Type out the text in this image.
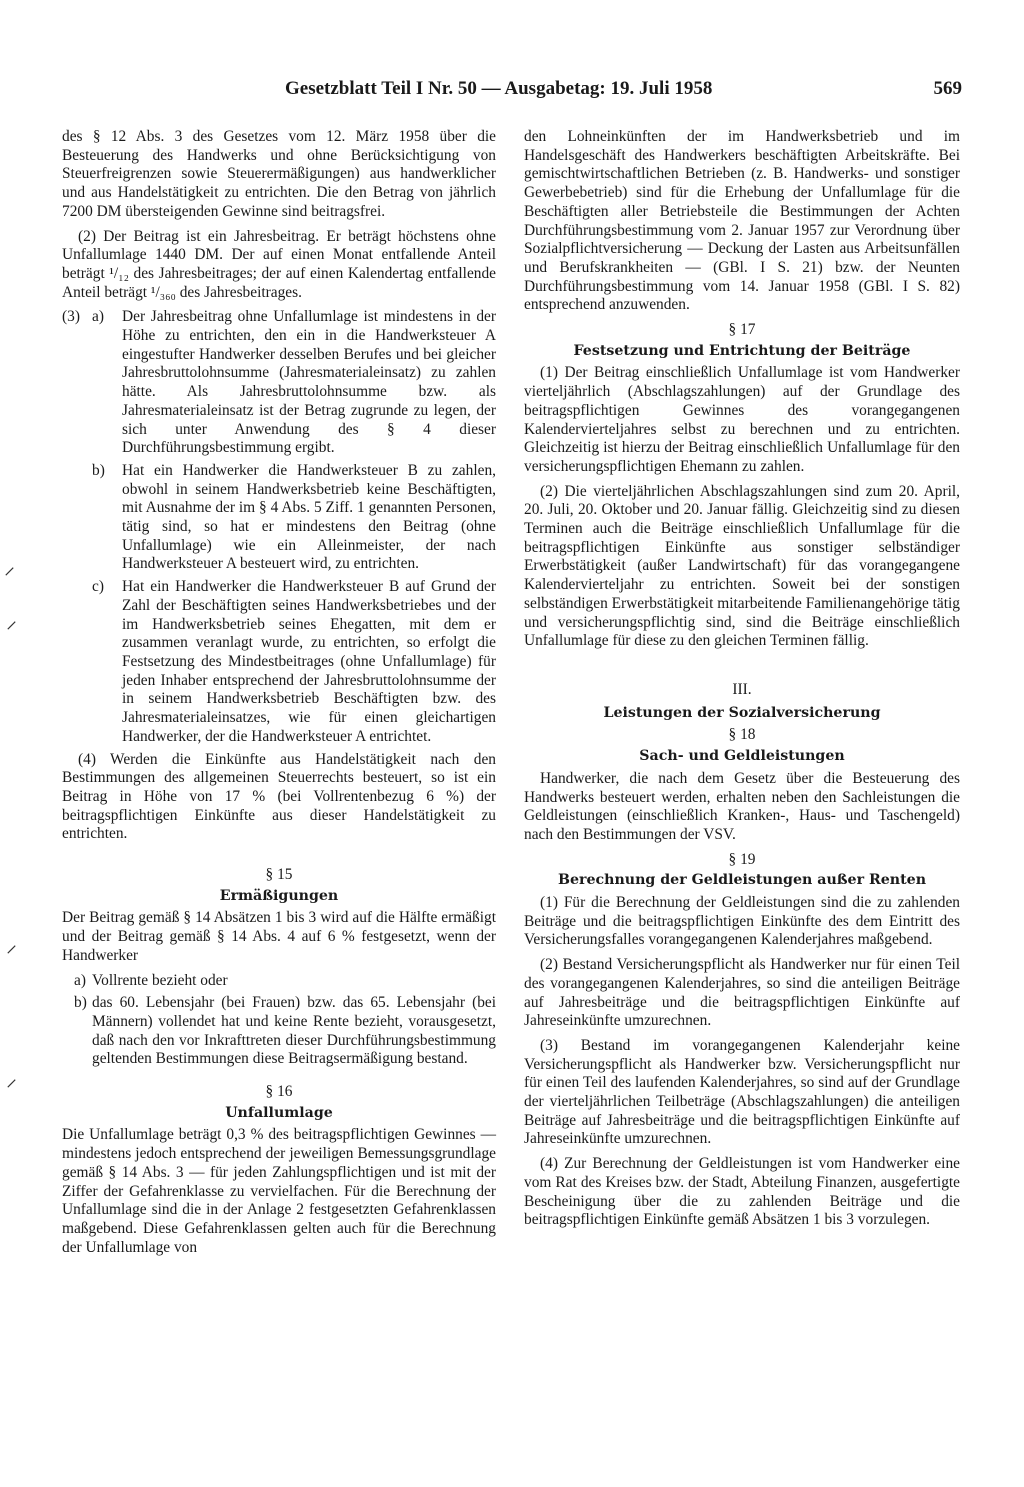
Gesetzblatt Teil I Nr. 50 — Ausgabetag: 19. Juli 1958	569
⸍
⸍
⸍
⸍

des § 12 Abs. 3 des Gesetzes vom 12. März 1958 über die Besteuerung des Handwerks und ohne Berücksichtigung von Steuerfreigrenzen sowie Steuerermäßigungen) aus handwerklicher und aus Handelstätigkeit zu entrichten. Die den Betrag von jährlich 7200 DM übersteigenden Gewinne sind beitragsfrei.

(2) Der Beitrag ist ein Jahresbeitrag. Er beträgt höchstens ohne Unfallumlage 1440 DM. Der auf einen Monat entfallende Anteil beträgt ¹/₁₂ des Jahresbeitrages; der auf einen Kalendertag entfallende Anteil beträgt ¹/₃₆₀ des Jahresbeitrages.

(3) a) Der Jahresbeitrag ohne Unfallumlage ist mindestens in der Höhe zu entrichten, den ein in die Handwerksteuer A eingestufter Handwerker desselben Berufes und bei gleicher Jahresbruttolohnsumme (Jahresmaterialeinsatz) zu zahlen hätte. Als Jahresbruttolohnsumme bzw. als Jahresmaterialeinsatz ist der Betrag zugrunde zu legen, der sich unter Anwendung des § 4 dieser Durchführungsbestimmung ergibt.
b) Hat ein Handwerker die Handwerksteuer B zu zahlen, obwohl in seinem Handwerksbetrieb keine Beschäftigten, mit Ausnahme der im § 4 Abs. 5 Ziff. 1 genannten Personen, tätig sind, so hat er mindestens den Beitrag (ohne Unfallumlage) wie ein Alleinmeister, der nach Handwerksteuer A besteuert wird, zu entrichten.
c) Hat ein Handwerker die Handwerksteuer B auf Grund der Zahl der Beschäftigten seines Handwerksbetriebes und der im Handwerksbetrieb seines Ehegatten, mit dem er zusammen veranlagt wurde, zu entrichten, so erfolgt die Festsetzung des Mindestbeitrages (ohne Unfallumlage) für jeden Inhaber entsprechend der Jahresbruttolohnsumme der in seinem Handwerksbetrieb Beschäftigten bzw. des Jahresmaterialeinsatzes, wie für einen gleichartigen Handwerker, der die Handwerksteuer A entrichtet.

(4) Werden die Einkünfte aus Handelstätigkeit nach den Bestimmungen des allgemeinen Steuerrechts besteuert, so ist ein Beitrag in Höhe von 17 % (bei Vollrentenbezug 6 %) der beitragspflichtigen Einkünfte aus dieser Handelstätigkeit zu entrichten.

§ 15
Ermäßigungen

Der Beitrag gemäß § 14 Absätzen 1 bis 3 wird auf die Hälfte ermäßigt und der Beitrag gemäß § 14 Abs. 4 auf 6 % festgesetzt, wenn der Handwerker

a) Vollrente bezieht oder
b) das 60. Lebensjahr (bei Frauen) bzw. das 65. Lebensjahr (bei Männern) vollendet hat und keine Rente bezieht, vorausgesetzt, daß nach den vor Inkrafttreten dieser Durchführungsbestimmung geltenden Bestimmungen diese Beitragsermäßigung bestand.
§ 16
Unfallumlage

Die Unfallumlage beträgt 0,3 % des beitragspflichtigen Gewinnes — mindestens jedoch entsprechend der jeweiligen Bemessungsgrundlage gemäß § 14 Abs. 3 — für jeden Zahlungspflichtigen und ist mit der Ziffer der Gefahrenklasse zu vervielfachen. Für die Berechnung der Unfallumlage sind die in der Anlage 2 festgesetzten Gefahrenklassen maßgebend. Diese Gefahrenklassen gelten auch für die Berechnung der Unfallumlage von

den Lohneinkünften der im Handwerksbetrieb und im Handelsgeschäft des Handwerkers beschäftigten Arbeitskräfte. Bei gemischtwirtschaftlichen Betrieben (z. B. Handwerks- und sonstiger Gewerbebetrieb) sind für die Erhebung der Unfallumlage für die Beschäftigten aller Betriebsteile die Bestimmungen der Achten Durchführungsbestimmung vom 2. Januar 1957 zur Verordnung über Sozialpflichtversicherung — Deckung der Lasten aus Arbeitsunfällen und Berufskrankheiten — (GBl. I S. 21) bzw. der Neunten Durchführungsbestimmung vom 14. Januar 1958 (GBl. I S. 82) entsprechend anzuwenden.

§ 17
Festsetzung und Entrichtung der Beiträge

(1) Der Beitrag einschließlich Unfallumlage ist vom Handwerker vierteljährlich (Abschlagszahlungen) auf der Grundlage des beitragspflichtigen Gewinnes des vorangegangenen Kalendervierteljahres selbst zu berechnen und zu entrichten. Gleichzeitig ist hierzu der Beitrag einschließlich Unfallumlage für den versicherungspflichtigen Ehemann zu zahlen.

(2) Die vierteljährlichen Abschlagszahlungen sind zum 20. April, 20. Juli, 20. Oktober und 20. Januar fällig. Gleichzeitig sind zu diesen Terminen auch die Beiträge einschließlich Unfallumlage für die beitragspflichtigen Einkünfte aus sonstiger selbständiger Erwerbstätigkeit (außer Landwirtschaft) für das vorangegangene Kalendervierteljahr zu entrichten. Soweit bei der sonstigen selbständigen Erwerbstätigkeit mitarbeitende Familienangehörige tätig und versicherungspflichtig sind, sind die Beiträge einschließlich Unfallumlage für diese zu den gleichen Terminen fällig.

III.
Leistungen der Sozialversicherung
§ 18
Sach- und Geldleistungen

Handwerker, die nach dem Gesetz über die Besteuerung des Handwerks besteuert werden, erhalten neben den Sachleistungen die Geldleistungen (einschließlich Kranken-, Haus- und Taschengeld) nach den Bestimmungen der VSV.

§ 19
Berechnung der Geldleistungen außer Renten

(1) Für die Berechnung der Geldleistungen sind die zu zahlenden Beiträge und die beitragspflichtigen Einkünfte des dem Eintritt des Versicherungsfalles vorangegangenen Kalenderjahres maßgebend.

(2) Bestand Versicherungspflicht als Handwerker nur für einen Teil des vorangegangenen Kalenderjahres, so sind die anteiligen Beiträge auf Jahresbeiträge und die beitragspflichtigen Einkünfte auf Jahreseinkünfte umzurechnen.

(3) Bestand im vorangegangenen Kalenderjahr keine Versicherungspflicht als Handwerker bzw. Versicherungspflicht nur für einen Teil des laufenden Kalenderjahres, so sind auf der Grundlage der vierteljährlichen Teilbeträge (Abschlagszahlungen) die anteiligen Beiträge auf Jahresbeiträge und die beitragspflichtigen Einkünfte auf Jahreseinkünfte umzurechnen.

(4) Zur Berechnung der Geldleistungen ist vom Handwerker eine vom Rat des Kreises bzw. der Stadt, Abteilung Finanzen, ausgefertigte Bescheinigung über die zu zahlenden Beiträge und die beitragspflichtigen Einkünfte gemäß Absätzen 1 bis 3 vorzulegen.
